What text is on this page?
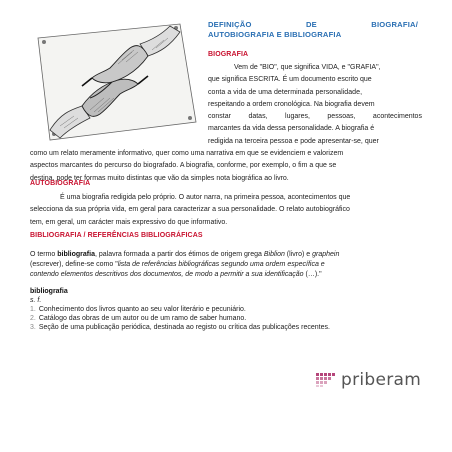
DEFINIÇÃO	DE	BIOGRAFIA/
AUTOBIOGRAFIA E BIBLIOGRAFIA
BIOGRAFIA
Vem de "BIO", que significa VIDA, e "GRAFIA",
que significa ESCRITA. É um documento escrito que
conta a vida de uma determinada personalidade,
respeitando a ordem cronológica. Na biografia devem
constar datas, lugares, pessoas, acontecimentos
marcantes da vida dessa personalidade. A biografia é
redigida na terceira pessoa e pode apresentar-se, quer
como um relato meramente informativo, quer como uma narrativa em que se evidenciem e valorizem
aspectos marcantes do percurso do biografado. A biografia, conforme, por exemplo, o fim a que se
destina, pode ter formas muito distintas que vão da simples nota biográfica ao livro.
AUTOBIOGRAFIA
É uma biografia redigida pelo próprio. O autor narra, na primeira pessoa, acontecimentos que
selecciona da sua própria vida, em geral para caracterizar a sua personalidade. O relato autobiográfico
tem, em geral, um carácter mais expressivo do que informativo.
BIBLIOGRAFIA / REFERÊNCIAS BIBLIOGRÁFICAS
O termo bibliografia, palavra formada a partir dos étimos de origem grega Biblion (livro) e graphein
(escrever), define-se como "lista de referências bibliográficas segundo uma ordem específica e
contendo elementos descritivos dos documentos, de modo a permitir a sua identificação (…)."
bibliografia
s. f.
1. Conhecimento dos livros quanto ao seu valor literário e pecuniário.
2. Catálogo das obras de um autor ou de um ramo de saber humano.
3. Seção de uma publicação periódica, destinada ao registo ou crítica das publicações recentes.
priberam
